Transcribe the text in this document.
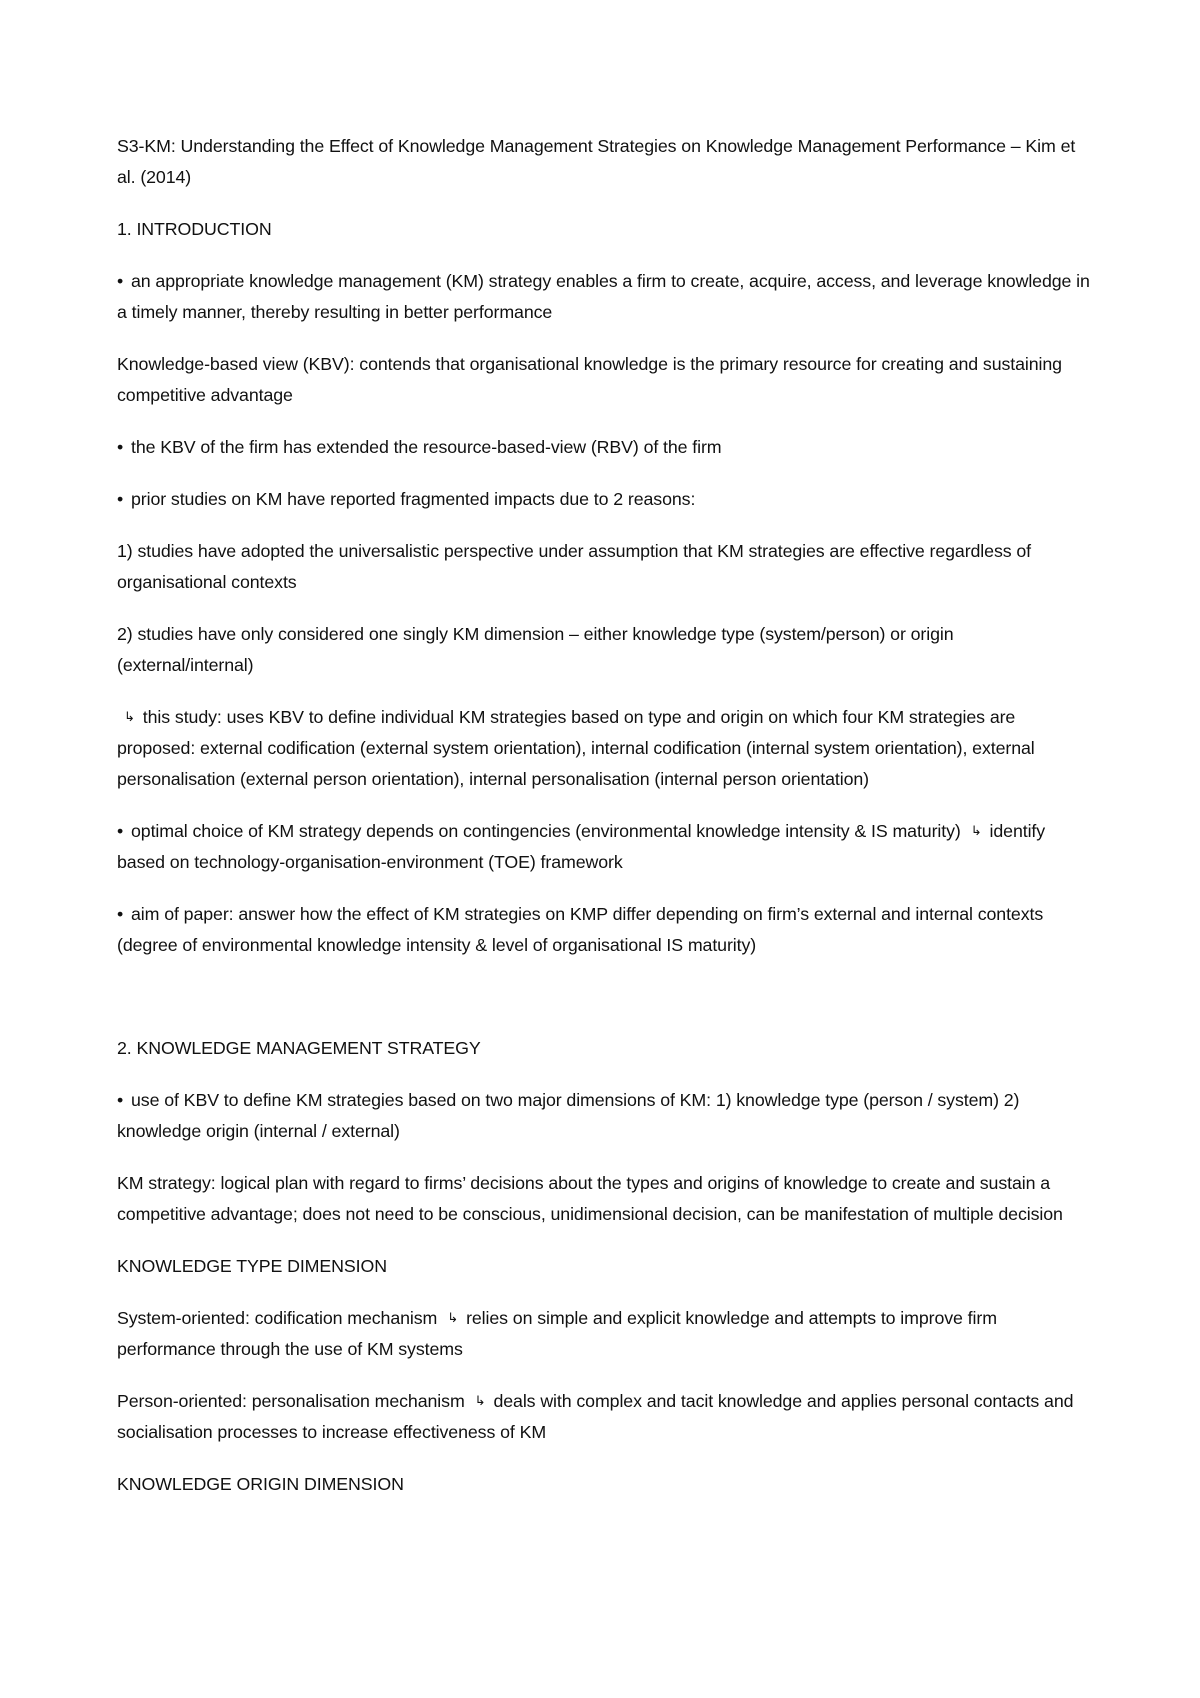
S3-KM: Understanding the Effect of Knowledge Management Strategies on Knowledge Management Performance – Kim et al. (2014)

1. INTRODUCTION

• an appropriate knowledge management (KM) strategy enables a firm to create, acquire, access, and leverage knowledge in a timely manner, thereby resulting in better performance

Knowledge-based view (KBV): contends that organisational knowledge is the primary resource for creating and sustaining competitive advantage

• the KBV of the firm has extended the resource-based-view (RBV) of the firm

• prior studies on KM have reported fragmented impacts due to 2 reasons:

1) studies have adopted the universalistic perspective under assumption that KM strategies are effective regardless of organisational contexts

2) studies have only considered one singly KM dimension – either knowledge type (system/person) or origin (external/internal)

↳ this study: uses KBV to define individual KM strategies based on type and origin on which four KM strategies are proposed: external codification (external system orientation), internal codification (internal system orientation), external personalisation (external person orientation), internal personalisation (internal person orientation)

• optimal choice of KM strategy depends on contingencies (environmental knowledge intensity & IS maturity) ↳ identify based on technology-organisation-environment (TOE) framework

• aim of paper: answer how the effect of KM strategies on KMP differ depending on firm’s external and internal contexts (degree of environmental knowledge intensity & level of organisational IS maturity)

2. KNOWLEDGE MANAGEMENT STRATEGY

• use of KBV to define KM strategies based on two major dimensions of KM: 1) knowledge type (person / system) 2) knowledge origin (internal / external)

KM strategy: logical plan with regard to firms’ decisions about the types and origins of knowledge to create and sustain a competitive advantage; does not need to be conscious, unidimensional decision, can be manifestation of multiple decision

KNOWLEDGE TYPE DIMENSION

System-oriented: codification mechanism ↳ relies on simple and explicit knowledge and attempts to improve firm performance through the use of KM systems

Person-oriented: personalisation mechanism ↳ deals with complex and tacit knowledge and applies personal contacts and socialisation processes to increase effectiveness of KM

KNOWLEDGE ORIGIN DIMENSION
